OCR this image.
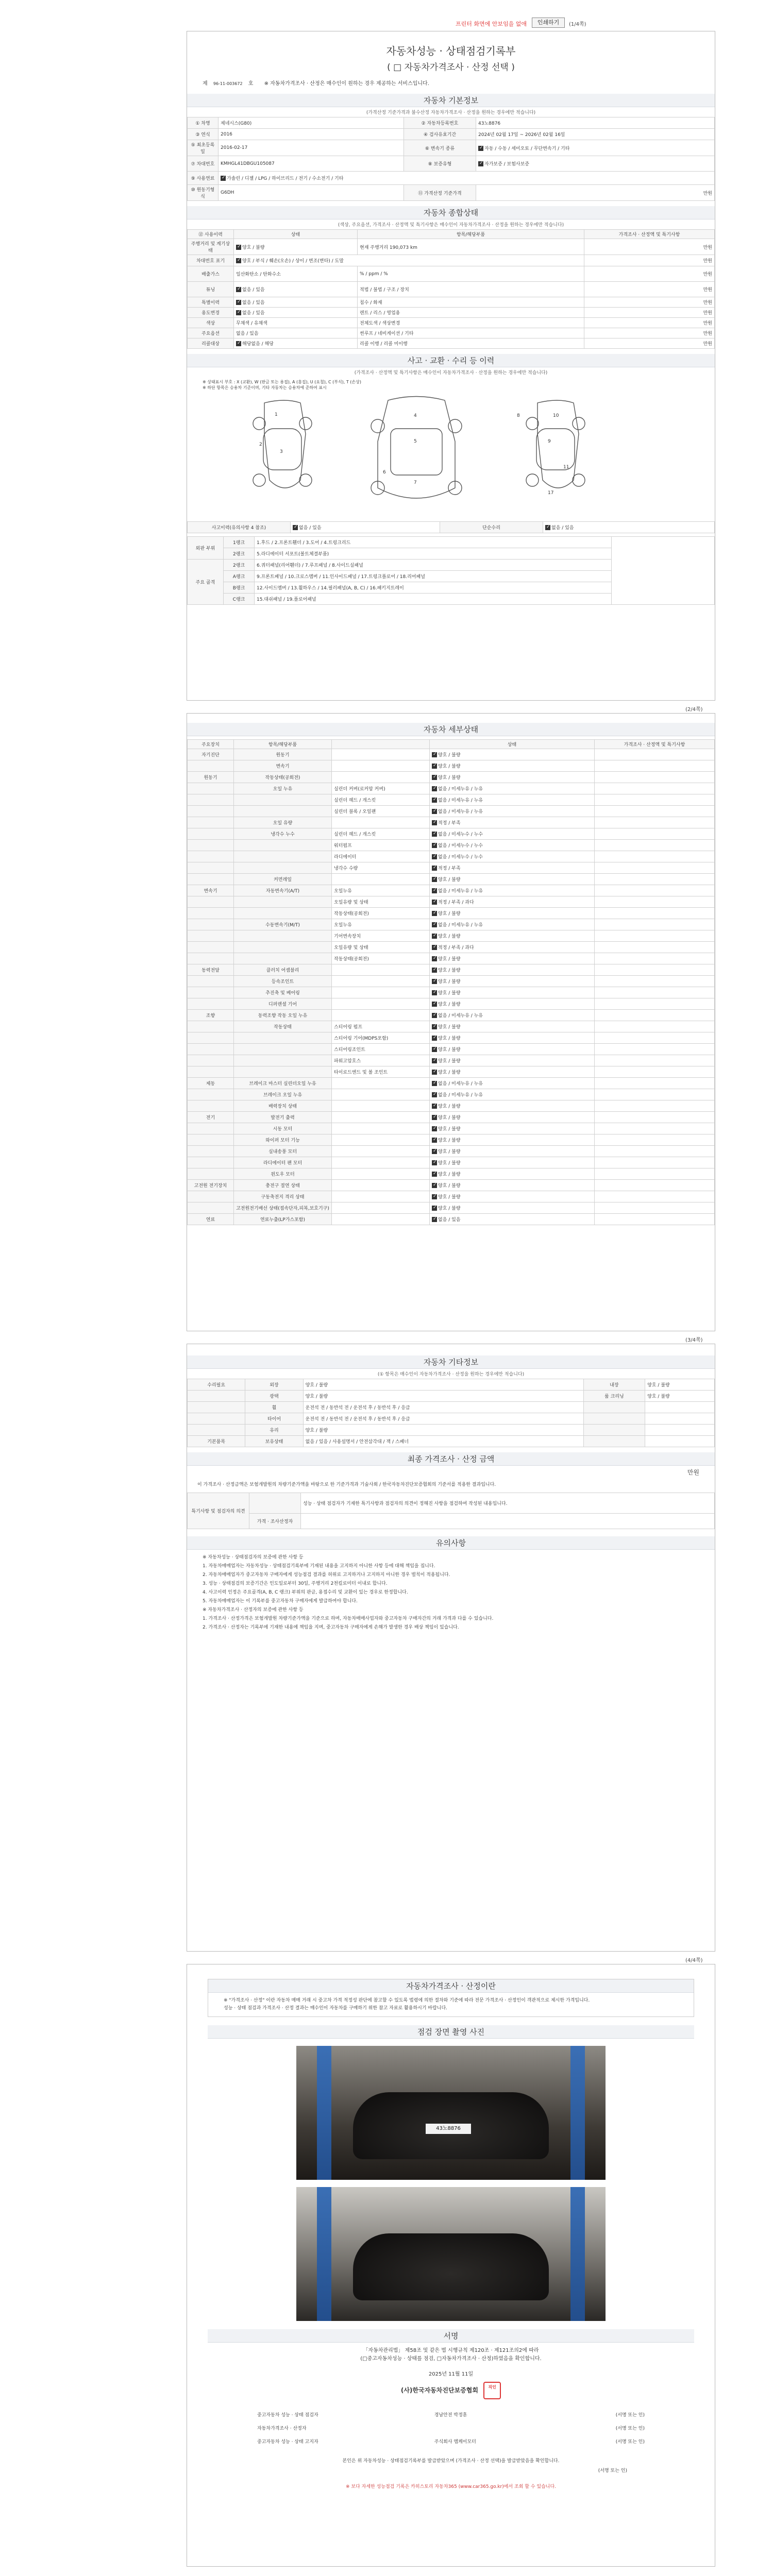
프린터 화면에 안보임을 없애	인쇄하기	(1/4쪽)
자동차성능 · 상태점검기록부
( □ 자동차가격조사 · 산정 선택 )
제 96-11-003672 호 ※ 자동차가격조사 · 산정은 매수인이 원하는 경우 제공하는 서비스입니다.
자동차 기본정보
(가격산정 기준가격과 불수산정 자동차가격조사 · 산정을 원하는 경우에만 적습니다)
① 차명	제네시스(G80)	② 자동차등록번호	43노8876
③ 연식	2016	④ 검사유효기간	2024년 02월 17일 ~ 2026년 02월 16일
⑤ 최초등록일	2016-02-17	⑥ 변속기 종류	✓자동 / 수동 / 세미오토 / 무단변속기 / 기타
⑦ 차대번호	KMHGL41DBGU105087	⑧ 보증유형	✓자가보증 / 보험사보증
⑨ 사용연료	✓가솔린 / 디젤 / LPG / 하이브리드 / 전기 / 수소전기 / 기타
⑩ 원동기형식	G6DH	⑪ 가격산정 기준가격	만원
자동차 종합상태
(색상, 주요옵션, 가격조사 · 산정액 및 특기사항은 매수인이 자동차가격조사 · 산정을 원하는 경우에만 적습니다)
⑫ 사용이력	상태	항목/해당부품	가격조사 · 산정액 및 특기사항
주행거리 및 계기상태	✓양호 / 불량	현재 주행거리 190,073 km	만원
차대번호 표기	✓양호 / 부식 / 훼손(오손) / 상이 / 변조(변타) / 도말		만원
배출가스	일산화탄소 / 탄화수소	% / ppm / %	만원
튜닝	✓없음 / 있음	적법 / 불법 / 구조 / 장치	만원
특별이력	✓없음 / 있음	침수 / 화재	만원
용도변경	✓없음 / 있음	렌트 / 리스 / 영업용	만원
색상	무채색 / 유채색	전체도색 / 색상변경	만원
주요옵션	없음 / 있음	썬루프 / 네비게이션 / 기타	만원
리콜대상	✓해당없음 / 해당	리콜 이행 / 리콜 미이행	만원
사고 · 교환 · 수리 등 이력
(가격조사 · 산정액 및 특기사항은 매수인이 자동차가격조사 · 산정을 원하는 경우에만 적습니다)
※ 상태표시 부호 : X (교환), W (판금 또는 용접), A (흠집), U (요철), C (부식), T (손상)
※ 하단 항목은 승용차 기준이며, 기타 자동차는 승용차에 준하여 표시
1
2
3
4
5
6
7
8
9
10
11
17
사고이력(유의사항 4 참조)	✓없음 / 있음	단순수리	✓없음 / 있음
외판 부위	1랭크	1.후드 / 2.프론트휀더 / 3.도어 / 4.트렁크리드	
	2랭크	5.라디에이터 서포트(볼트체결부품)	
주요 골격	2랭크	6.쿼터패널(리어휀더) / 7.루프패널 / 8.사이드실패널	
	A랭크	9.프론트패널 / 10.크로스멤버 / 11.인사이드패널 / 17.트렁크플로어 / 18.리어패널	
	B랭크	12.사이드멤버 / 13.휠하우스 / 14.필러패널(A, B, C) / 16.패키지트레이	
	C랭크	15.대쉬패널 / 19.플로어패널	
(2/4쪽)
자동차 세부상태
주요장치	항목/해당부품		상태	가격조사 · 산정액 및 특기사항
자기진단	원동기		✓양호 / 불량	
	변속기		✓양호 / 불량	
원동기	작동상태(공회전)		✓양호 / 불량	
	오일 누유	실린더 커버(로커암 커버)	✓없음 / 미세누유 / 누유	
		실린더 헤드 / 개스킷	✓없음 / 미세누유 / 누유	
		실린더 블록 / 오일팬	✓없음 / 미세누유 / 누유	
	오일 유량		✓적정 / 부족	
	냉각수 누수	실린더 헤드 / 개스킷	✓없음 / 미세누수 / 누수	
		워터펌프	✓없음 / 미세누수 / 누수	
		라디에이터	✓없음 / 미세누수 / 누수	
		냉각수 수량	✓적정 / 부족	
	커먼레일		✓양호 / 불량	
변속기	자동변속기(A/T)	오일누유	✓없음 / 미세누유 / 누유	
		오일유량 및 상태	✓적정 / 부족 / 과다	
		작동상태(공회전)	✓양호 / 불량	
	수동변속기(M/T)	오일누유	✓없음 / 미세누유 / 누유	
		기어변속장치	✓양호 / 불량	
		오일유량 및 상태	✓적정 / 부족 / 과다	
		작동상태(공회전)	✓양호 / 불량	
동력전달	클러치 어셈블리		✓양호 / 불량	
	등속조인트		✓양호 / 불량	
	추진축 및 베어링		✓양호 / 불량	
	디퍼렌셜 기어		✓양호 / 불량	
조향	동력조향 작동 오일 누유		✓없음 / 미세누유 / 누유	
	작동상태	스티어링 펌프	✓양호 / 불량	
		스티어링 기어(MDPS포함)	✓양호 / 불량	
		스티어링조인트	✓양호 / 불량	
		파워고압호스	✓양호 / 불량	
		타이로드엔드 및 볼 조인트	✓양호 / 불량	
제동	브레이크 마스터 실린더오일 누유		✓없음 / 미세누유 / 누유	
	브레이크 오일 누유		✓없음 / 미세누유 / 누유	
	배력장치 상태		✓양호 / 불량	
전기	발전기 출력		✓양호 / 불량	
	시동 모터		✓양호 / 불량	
	와이퍼 모터 기능		✓양호 / 불량	
	실내송풍 모터		✓양호 / 불량	
	라디에이터 팬 모터		✓양호 / 불량	
	윈도우 모터		✓양호 / 불량	
고전원 전기장치	충전구 절연 상태		✓양호 / 불량	
	구동축전지 격리 상태		✓양호 / 불량	
	고전원전기배선 상태(접속단자,피복,보호기구)		✓양호 / 불량	
연료	연료누출(LP가스포함)		✓없음 / 있음	
(3/4쪽)
자동차 기타정보
(① 항목은 매수인이 자동차가격조사 · 산정을 원하는 경우에만 적습니다)
수리필요	외장	양호 / 불량	내장	양호 / 불량
	광택	양호 / 불량	룸 크리닝	양호 / 불량
	휠	운전석 전 / 동반석 전 / 운전석 후 / 동반석 후 / 응급		
	타이어	운전석 전 / 동반석 전 / 운전석 후 / 동반석 후 / 응급		
	유리	양호 / 불량		
기본품목	보유상태	없음 / 있음 / 사용설명서 / 안전삼각대 / 잭 / 스패너		
최종 가격조사 · 산정 금액
만원
이 가격조사 · 산정금액은 보험개발원의 차량기준가액을 바탕으로 한 기준가격과 기술사회 / 한국자동차진단보증협회의 기준서를 적용한 결과입니다.
특기사항 및 점검자의 의견		성능 · 상태 점검자가 기재한 특기사항과 점검자의 의견이 정해진 사항을 점검하여 작성된 내용입니다.
	가격 · 조사산정자	
유의사항

※ 자동차성능 · 상태점검자의 보증에 관한 사항 등

1. 자동차매매업자는 자동차성능 · 상태점검기록부에 기재된 내용을 고지하지 아니한 사항 등에 대해 책임을 집니다.

2. 자동차매매업자가 중고자동차 구매자에게 성능점검 결과를 허위로 고지하거나 고지하지 아니한 경우 벌칙이 적용됩니다.

3. 성능 · 상태점검의 보증기간은 인도일로부터 30일, 주행거리 2천킬로미터 이내로 합니다.

4. 사고이력 인정은 주요골격(A, B, C 랭크) 부위의 판금, 용접수리 및 교환이 있는 경우로 한정합니다.

5. 자동차매매업자는 이 기록부를 중고자동차 구매자에게 발급하여야 합니다.

※ 자동차가격조사 · 산정자의 보증에 관한 사항 등

1. 가격조사 · 산정가격은 보험개발원 차량기준가액을 기준으로 하며, 자동차매매사업자와 중고자동차 구매자간의 거래 가격과 다를 수 있습니다.

2. 가격조사 · 산정자는 기록부에 기재한 내용에 책임을 지며, 중고자동차 구매자에게 손해가 발생한 경우 배상 책임이 있습니다.

(4/4쪽)
자동차가격조사 · 산정이란
※ "가격조사 · 산정" 이란 자동차 매매 거래 시 중고차 가격 적정성 판단에 참고할 수 있도록 법령에 의한 절차와 기준에 따라 전문 가격조사 · 산정인이 객관적으로 제시한 가격입니다.
성능 · 상태 점검과 가격조사 · 산정 결과는 매수인이 자동차를 구매하기 위한 참고 자료로 활용하시기 바랍니다.
점검 장면 촬영 사진
43노8876
서명
「자동차관리법」 제58조 및 같은 법 시행규칙 제120조 · 제121조의2에 따라
(□중고자동차성능 · 상태를 점검, □자동차가격조사 · 산정)하였음을 확인합니다.
2025년 11월 11일
(사)한국자동차진단보증협회 직인
중고자동차 성능 · 상태 점검자	경남안전 박정훈	(서명 또는 인)
자동차가격조사 · 산정자		(서명 또는 인)
중고자동차 성능 · 상태 고지자	주식회사 엠케이모터	(서명 또는 인)
본인은 위 자동차성능 · 상태점검기록부를 발급받았으며 (가격조사 · 산정 선택)을 발급받았음을 확인합니다.
(서명 또는 인)
※ 보다 자세한 성능점검 기록은 카히스토리 자동차365 (www.car365.go.kr)에서 조회 할 수 있습니다.
